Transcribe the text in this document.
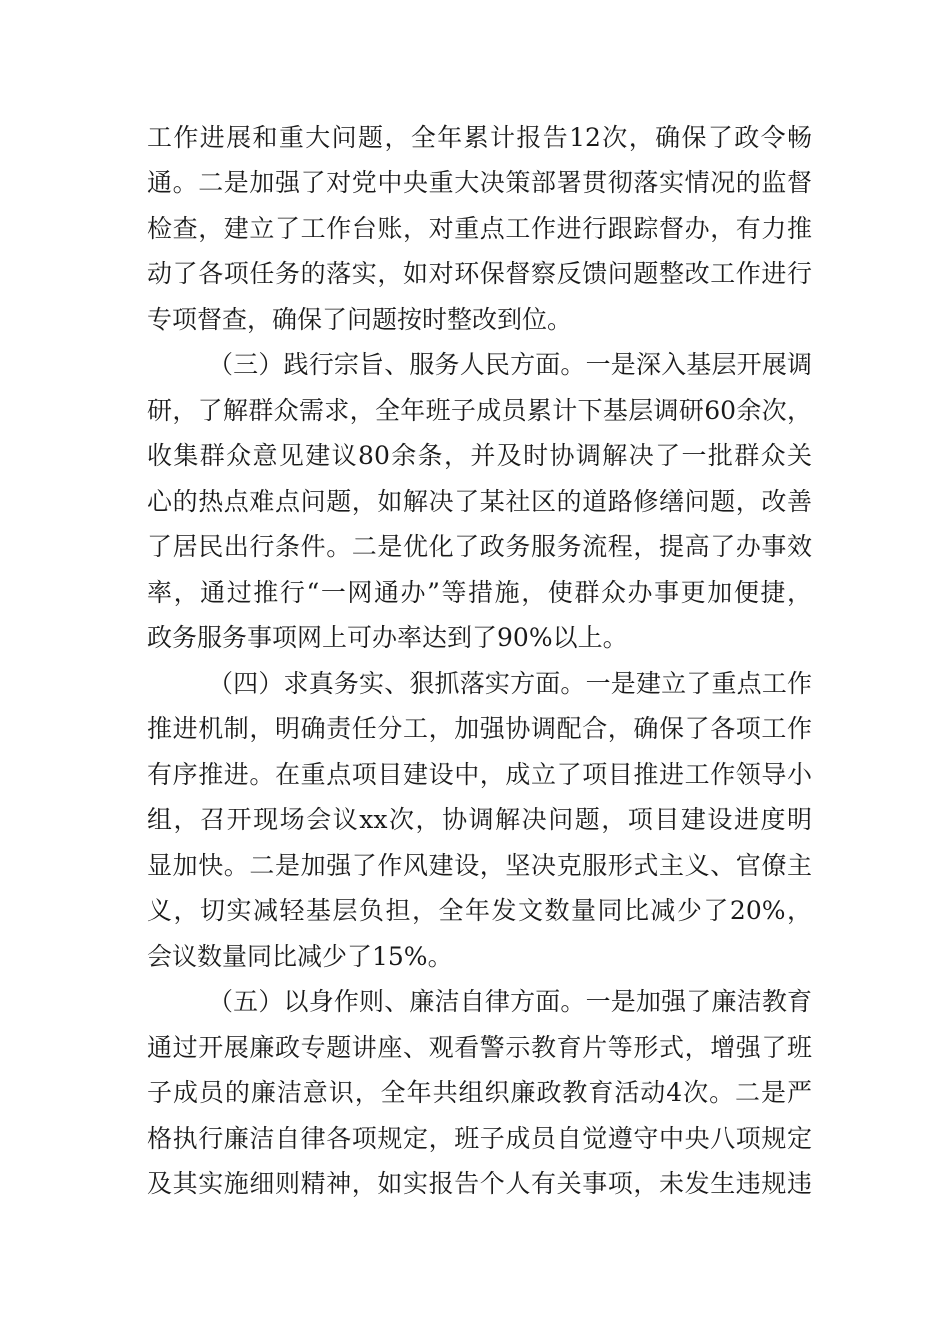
工作进展和重大问题，全年累计报告12次，确保了政令畅

通。二是加强了对党中央重大决策部署贯彻落实情况的监督

检查，建立了工作台账，对重点工作进行跟踪督办，有力推

动了各项任务的落实，如对环保督察反馈问题整改工作进行

专项督查，确保了问题按时整改到位。

（三）践行宗旨、服务人民方面。一是深入基层开展调

研，了解群众需求，全年班子成员累计下基层调研60余次，

收集群众意见建议80余条，并及时协调解决了一批群众关

心的热点难点问题，如解决了某社区的道路修缮问题，改善

了居民出行条件。二是优化了政务服务流程，提高了办事效

率，通过推行“一网通办”等措施，使群众办事更加便捷，

政务服务事项网上可办率达到了90%以上。

（四）求真务实、狠抓落实方面。一是建立了重点工作

推进机制，明确责任分工，加强协调配合，确保了各项工作

有序推进。在重点项目建设中，成立了项目推进工作领导小

组，召开现场会议xx次，协调解决问题，项目建设进度明

显加快。二是加强了作风建设，坚决克服形式主义、官僚主

义，切实减轻基层负担，全年发文数量同比减少了20%，

会议数量同比减少了15%。

（五）以身作则、廉洁自律方面。一是加强了廉洁教育

通过开展廉政专题讲座、观看警示教育片等形式，增强了班

子成员的廉洁意识，全年共组织廉政教育活动4次。二是严

格执行廉洁自律各项规定，班子成员自觉遵守中央八项规定

及其实施细则精神，如实报告个人有关事项，未发生违规违
